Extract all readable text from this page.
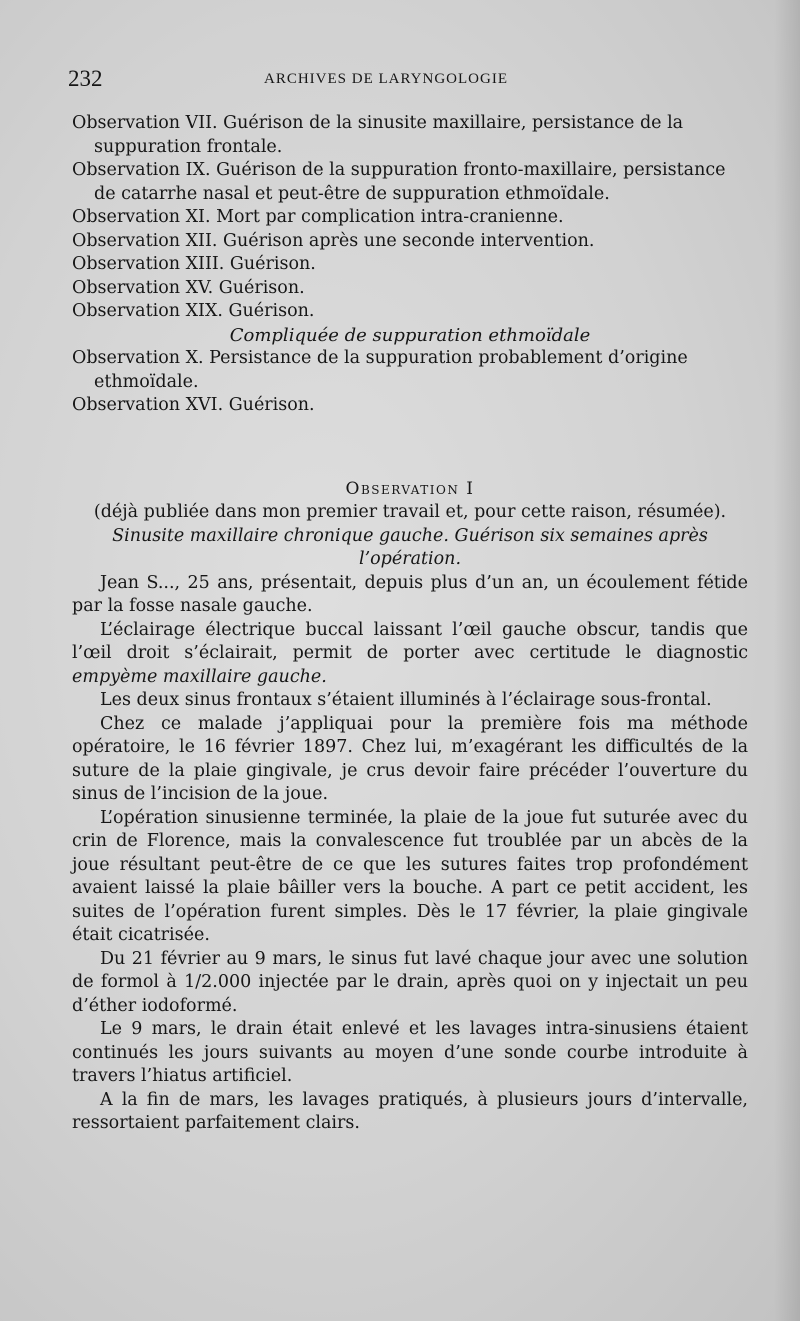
232	ARCHIVES DE LARYNGOLOGIE

Observation VII. Guérison de la sinusite maxillaire, persistance de la suppuration frontale.

Observation IX. Guérison de la suppuration fronto-maxillaire, persistance de catarrhe nasal et peut-être de suppuration ethmoïdale.

Observation XI. Mort par complication intra-cranienne.

Observation XII. Guérison après une seconde intervention.

Observation XIII. Guérison.

Observation XV. Guérison.

Observation XIX. Guérison.

Compliquée de suppuration ethmoïdale

Observation X. Persistance de la suppuration probablement d’origine ethmoïdale.

Observation XVI. Guérison.

Observation I

(déjà publiée dans mon premier travail et, pour cette raison, résumée).

Sinusite maxillaire chronique gauche. Guérison six semaines après l’opération.

Jean S..., 25 ans, présentait, depuis plus d’un an, un écoulement fétide par la fosse nasale gauche.

L’éclairage électrique buccal laissant l’œil gauche obscur, tandis que l’œil droit s’éclairait, permit de porter avec certitude le diagnostic empyème maxillaire gauche.

Les deux sinus frontaux s’étaient illuminés à l’éclairage sous-frontal.

Chez ce malade j’appliquai pour la première fois ma méthode opératoire, le 16 février 1897. Chez lui, m’exagérant les difficultés de la suture de la plaie gingivale, je crus devoir faire précéder l’ouverture du sinus de l’incision de la joue.

L’opération sinusienne terminée, la plaie de la joue fut suturée avec du crin de Florence, mais la convalescence fut troublée par un abcès de la joue résultant peut-être de ce que les sutures faites trop profondément avaient laissé la plaie bâiller vers la bouche. A part ce petit accident, les suites de l’opération furent simples. Dès le 17 février, la plaie gingivale était cicatrisée.

Du 21 février au 9 mars, le sinus fut lavé chaque jour avec une solution de formol à 1/2.000 injectée par le drain, après quoi on y injectait un peu d’éther iodoformé.

Le 9 mars, le drain était enlevé et les lavages intra-sinusiens étaient continués les jours suivants au moyen d’une sonde courbe introduite à travers l’hiatus artificiel.

A la fin de mars, les lavages pratiqués, à plusieurs jours d’intervalle, ressortaient parfaitement clairs.
